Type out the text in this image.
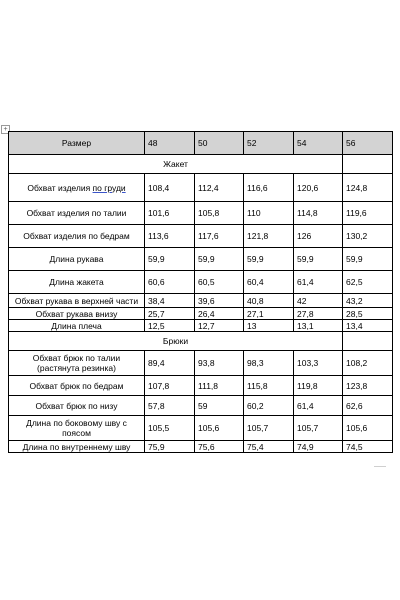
+
Размер	48	50	52	54	56
Жакет					
Обхват изделия по груди	108,4	112,4	116,6	120,6	124,8
Обхват изделия по талии	101,6	105,8	110	114,8	119,6
Обхват изделия по бедрам	113,6	117,6	121,8	126	130,2
Длина рукава	59,9	59,9	59,9	59,9	59,9
Длина жакета	60,6	60,5	60,4	61,4	62,5
Обхват рукава в верхней части	38,4	39,6	40,8	42	43,2
Обхват рукава внизу	25,7	26,4	27,1	27,8	28,5
Длина плеча	12,5	12,7	13	13,1	13,4
Брюки					
Обхват брюк по талии (растянута резинка)	89,4	93,8	98,3	103,3	108,2
Обхват брюк по бедрам	107,8	111,8	115,8	119,8	123,8
Обхват брюк по низу	57,8	59	60,2	61,4	62,6
Длина по боковому шву с поясом	105,5	105,6	105,7	105,7	105,6
Длина по внутреннему шву	75,9	75,6	75,4	74,9	74,5
